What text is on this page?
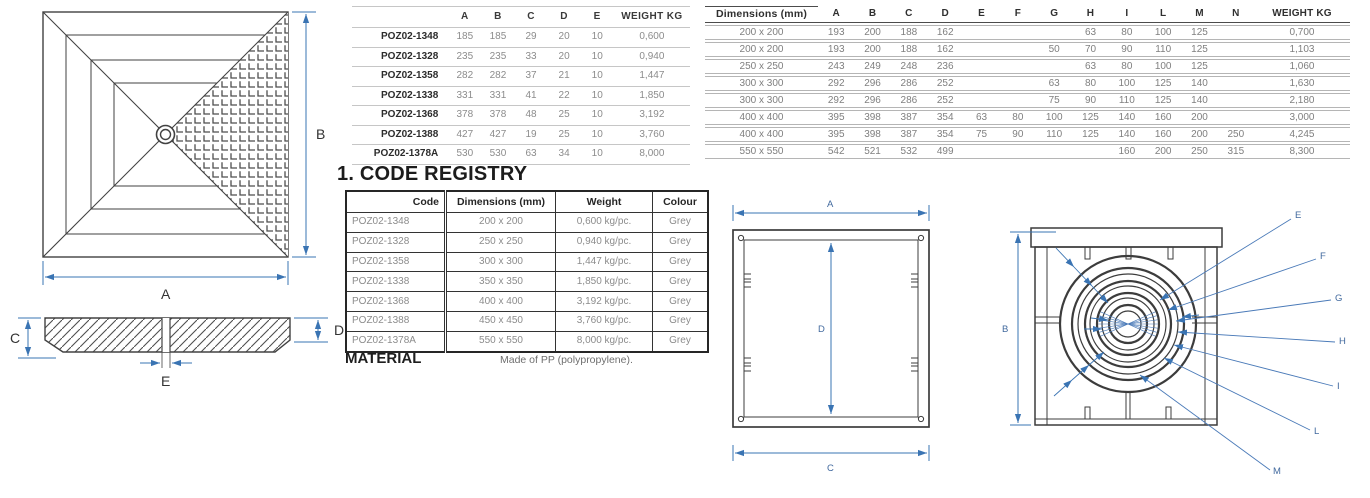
B
A
C	D
E
	A	B	C	D	E	WEIGHT KG
POZ02-1348	185	185	29	20	10	0,600
POZ02-1328	235	235	33	20	10	0,940
POZ02-1358	282	282	37	21	10	1,447
POZ02-1338	331	331	41	22	10	1,850
POZ02-1368	378	378	48	25	10	3,192
POZ02-1388	427	427	19	25	10	3,760
POZ02-1378A	530	530	63	34	10	8,000
1. CODE REGISTRY
Code	Dimensions (mm)	Weight	Colour
POZ02-1348	200 x 200	0,600 kg/pc.	Grey
POZ02-1328	250 x 250	0,940 kg/pc.	Grey
POZ02-1358	300 x 300	1,447 kg/pc.	Grey
POZ02-1338	350 x 350	1,850 kg/pc.	Grey
POZ02-1368	400 x 400	3,192 kg/pc.	Grey
POZ02-1388	450 x 450	3,760 kg/pc.	Grey
POZ02-1378A	550 x 550	8,000 kg/pc.	Grey
MATERIAL	Made of PP (polypropylene).
Dimensions (mm)	A	B	C	D	E	F	G	H	I	L	M	N	WEIGHT KG
200 x 200	193	200	188	162				63	80	100	125		0,700
200 x 200	193	200	188	162			50	70	90	110	125		1,103
250 x 250	243	249	248	236				63	80	100	125		1,060
300 x 300	292	296	286	252			63	80	100	125	140		1,630
300 x 300	292	296	286	252			75	90	110	125	140		2,180
400 x 400	395	398	387	354	63	80	100	125	140	160	200		3,000
400 x 400	395	398	387	354	75	90	110	125	140	160	200	250	4,245
550 x 550	542	521	532	499					160	200	250	315	8,300
A
D
C
E
F
G
H
I
L
M
B
